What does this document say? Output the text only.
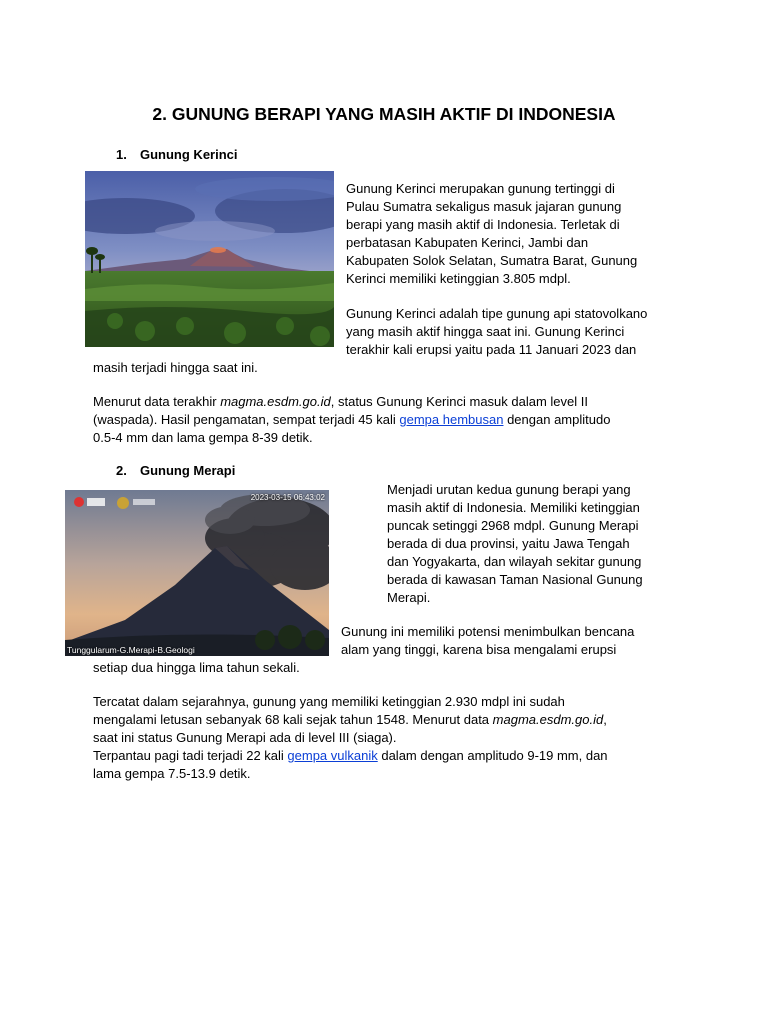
2. GUNUNG BERAPI YANG MASIH AKTIF DI INDONESIA
1. Gunung Kerinci
Gunung Kerinci merupakan gunung tertinggi di
Pulau Sumatra sekaligus masuk jajaran gunung
berapi yang masih aktif di Indonesia. Terletak di
perbatasan Kabupaten Kerinci, Jambi dan
Kabupaten Solok Selatan, Sumatra Barat, Gunung
Kerinci memiliki ketinggian 3.805 mdpl.
Gunung Kerinci adalah tipe gunung api statovolkano
yang masih aktif hingga saat ini. Gunung Kerinci
terakhir kali erupsi yaitu pada 11 Januari 2023 dan
masih terjadi hingga saat ini.
Menurut data terakhir magma.esdm.go.id, status Gunung Kerinci masuk dalam level II
(waspada). Hasil pengamatan, sempat terjadi 45 kali gempa hembusan dengan amplitudo
0.5-4 mm dan lama gempa 8-39 detik.
2. Gunung Merapi
2023-03-15 06:43:02
Tunggularum-G.Merapi-B.Geologi
Menjadi urutan kedua gunung berapi yang
masih aktif di Indonesia. Memiliki ketinggian
puncak setinggi 2968 mdpl. Gunung Merapi
berada di dua provinsi, yaitu Jawa Tengah
dan Yogyakarta, dan wilayah sekitar gunung
berada di kawasan Taman Nasional Gunung
Merapi.
Gunung ini memiliki potensi menimbulkan bencana
alam yang tinggi, karena bisa mengalami erupsi
setiap dua hingga lima tahun sekali.
Tercatat dalam sejarahnya, gunung yang memiliki ketinggian 2.930 mdpl ini sudah
mengalami letusan sebanyak 68 kali sejak tahun 1548. Menurut data magma.esdm.go.id,
saat ini status Gunung Merapi ada di level III (siaga).
Terpantau pagi tadi terjadi 22 kali gempa vulkanik dalam dengan amplitudo 9-19 mm, dan
lama gempa 7.5-13.9 detik.
